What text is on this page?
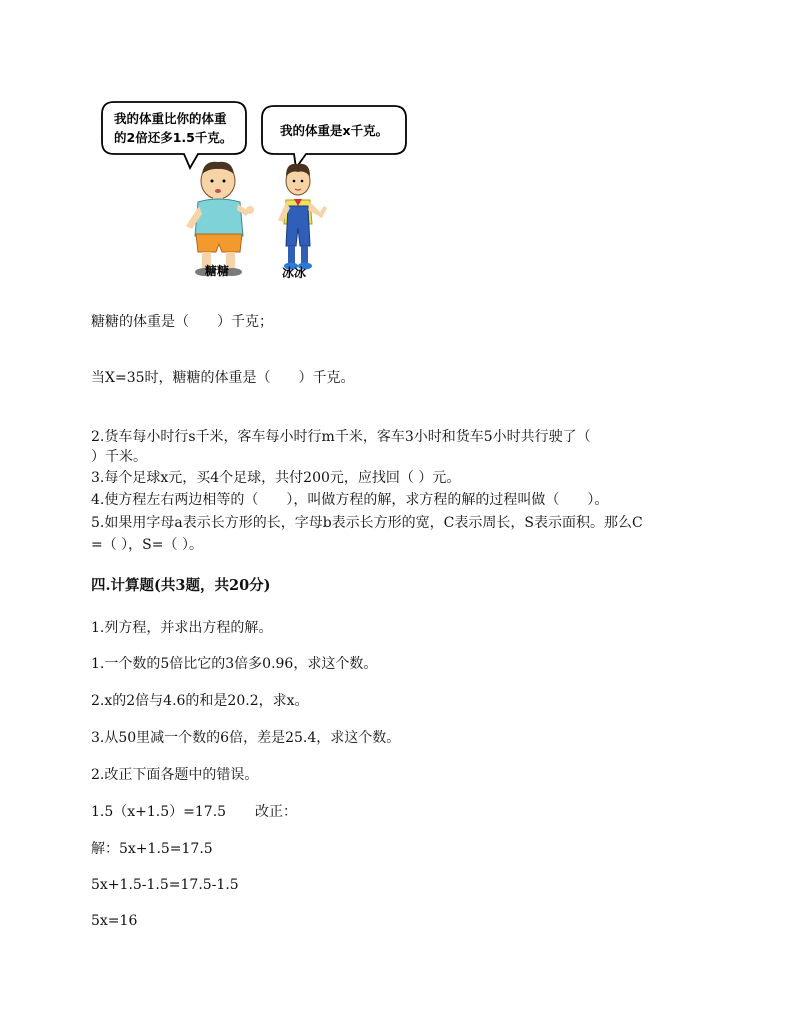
我的体重比你的体重
的2倍还多1.5千克。	我的体重是x千克。
糖糖	冰冰
糖糖的体重是（　　）千克；
当X=35时，糖糖的体重是（　　）千克。
2.货车每小时行s千米，客车每小时行m千米，客车3小时和货车5小时共行驶了（
）千米。
3.每个足球x元，买4个足球，共付200元，应找回（ ）元。
4.使方程左右两边相等的（　　），叫做方程的解，求方程的解的过程叫做（　　）。
5.如果用字母a表示长方形的长，字母b表示长方形的宽，C表示周长，S表示面积。那么C
=（ ），S=（ ）。
四.计算题(共3题，共20分)
1.列方程，并求出方程的解。
1.一个数的5倍比它的3倍多0.96，求这个数。
2.x的2倍与4.6的和是20.2，求x。
3.从50里减一个数的6倍，差是25.4，求这个数。
2.改正下面各题中的错误。
1.5（x+1.5）=17.5 改正：
解：5x+1.5=17.5
5x+1.5-1.5=17.5-1.5
5x=16
